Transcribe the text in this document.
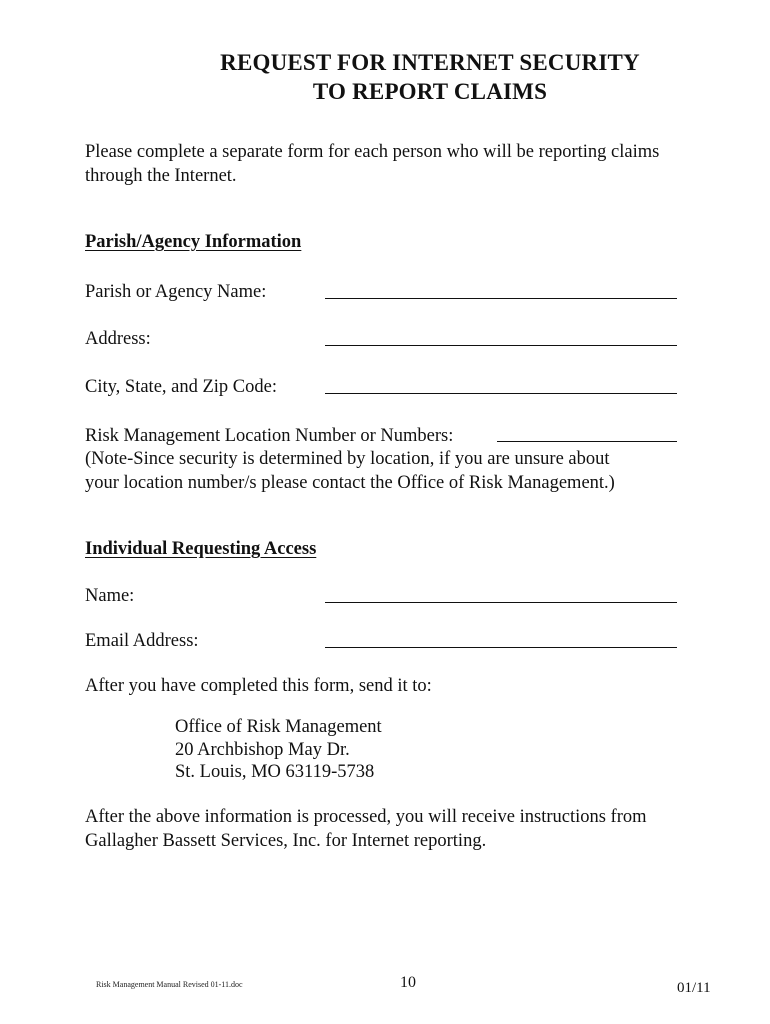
REQUEST FOR INTERNET SECURITY
TO REPORT CLAIMS
Please complete a separate form for each person who will be reporting claims
through the Internet.
Parish/Agency Information
Parish or Agency Name:
Address:
City, State, and Zip Code:
Risk Management Location Number or Numbers:
(Note-Since security is determined by location, if you are unsure about
your location number/s please contact the Office of Risk Management.)
Individual Requesting Access
Name:
Email Address:
After you have completed this form, send it to:
Office of Risk Management
20 Archbishop May Dr.
St. Louis, MO 63119-5738
After the above information is processed, you will receive instructions from
Gallagher Bassett Services, Inc. for Internet reporting.
Risk Management Manual Revised 01-11.doc	10	01/11
